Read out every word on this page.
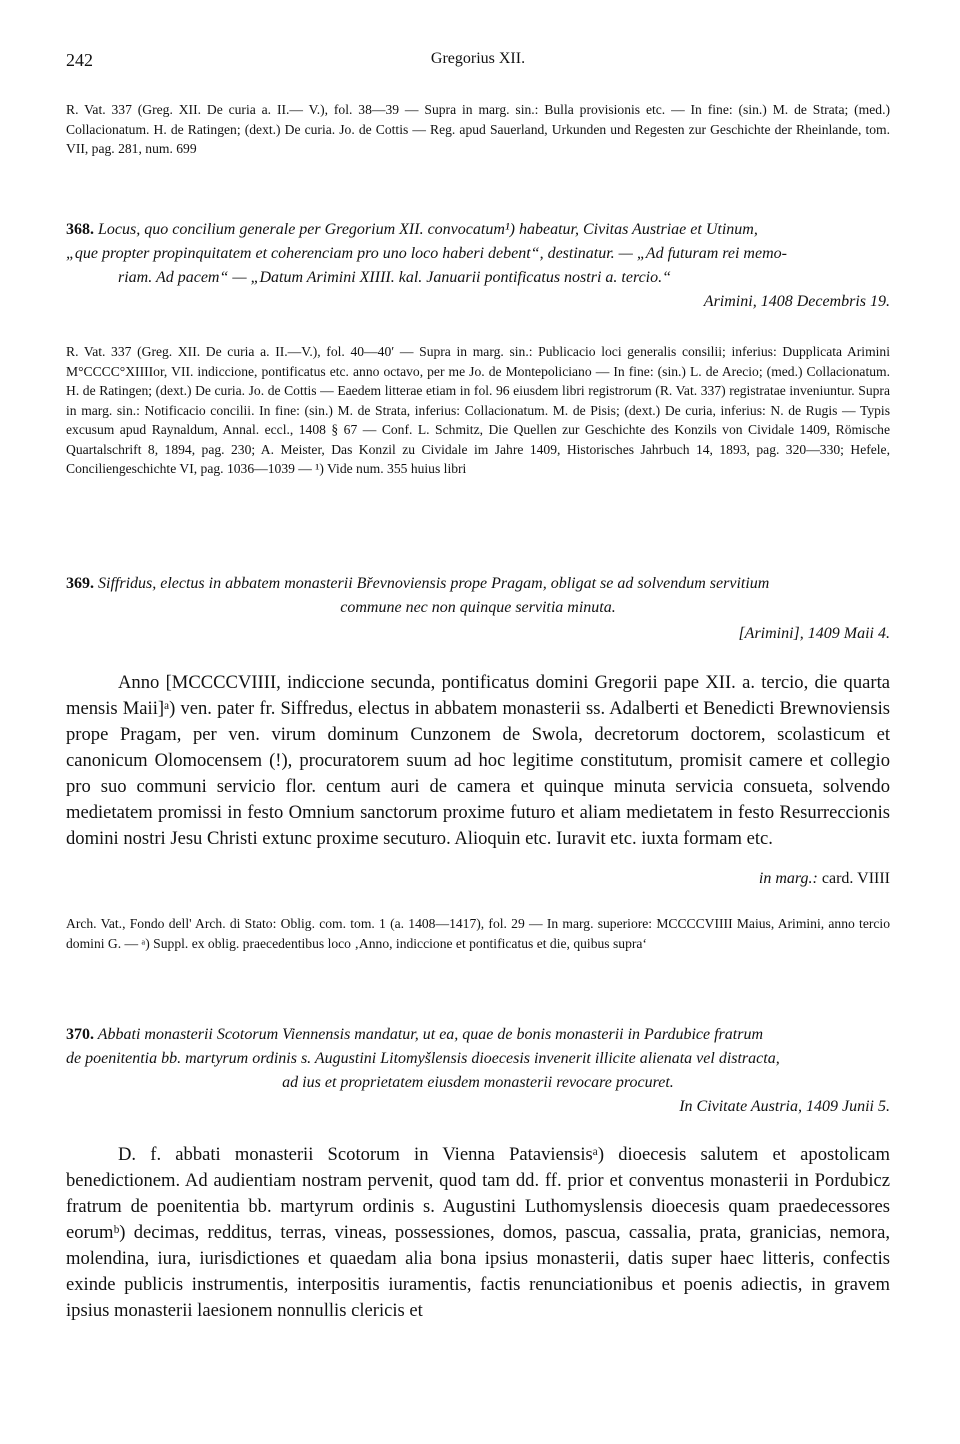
242	Gregorius XII.
R. Vat. 337 (Greg. XII. De curia a. II.— V.), fol. 38—39 — Supra in marg. sin.: Bulla provisionis etc. — In fine: (sin.) M. de Strata; (med.) Collacionatum. H. de Ratingen; (dext.) De curia. Jo. de Cottis — Reg. apud Sauerland, Urkunden und Regesten zur Geschichte der Rheinlande, tom. VII, pag. 281, num. 699
368. Locus, quo concilium generale per Gregorium XII. convocatum¹) habeatur, Civitas Austriae et Utinum,
„que propter propinquitatem et coherenciam pro uno loco haberi debent“, destinatur. — „Ad futuram rei memo-
riam. Ad pacem“ — „Datum Arimini XIIII. kal. Januarii pontificatus nostri a. tercio.“
Arimini, 1408 Decembris 19.
R. Vat. 337 (Greg. XII. De curia a. II.—V.), fol. 40—40′ — Supra in marg. sin.: Publicacio loci generalis consilii; inferius: Dupplicata Arimini M°CCCC°XIIIIor, VII. indiccione, pontificatus etc. anno octavo, per me Jo. de Montepoliciano — In fine: (sin.) L. de Arecio; (med.) Collacionatum. H. de Ratingen; (dext.) De curia. Jo. de Cottis — Eaedem litterae etiam in fol. 96 eiusdem libri registrorum (R. Vat. 337) registratae inveniuntur. Supra in marg. sin.: Notificacio concilii. In fine: (sin.) M. de Strata, inferius: Collacionatum. M. de Pisis; (dext.) De curia, inferius: N. de Rugis — Typis excusum apud Raynaldum, Annal. eccl., 1408 § 67 — Conf. L. Schmitz, Die Quellen zur Geschichte des Konzils von Cividale 1409, Römische Quartalschrift 8, 1894, pag. 230; A. Meister, Das Konzil zu Cividale im Jahre 1409, Historisches Jahrbuch 14, 1893, pag. 320—330; Hefele, Conciliengeschichte VI, pag. 1036—1039 — ¹) Vide num. 355 huius libri
369. Siffridus, electus in abbatem monasterii Břevnoviensis prope Pragam, obligat se ad solvendum servitium
commune nec non quinque servitia minuta.
[Arimini], 1409 Maii 4.

Anno [MCCCCVIIII, indiccione secunda, pontificatus domini Gregorii pape XII. a. tercio, die quarta mensis Maii]ᵃ) ven. pater fr. Siffredus, electus in abbatem monasterii ss. Adalberti et Benedicti Brewnoviensis prope Pragam, per ven. virum dominum Cunzonem de Swola, decretorum doctorem, scolasticum et canonicum Olomocensem (!), procuratorem suum ad hoc legitime constitutum, promisit camere et collegio pro suo communi servicio flor. centum auri de camera et quinque minuta servicia consueta, solvendo medietatem promissi in festo Omnium sanctorum proxime futuro et aliam medietatem in festo Resurreccionis domini nostri Jesu Christi extunc proxime secuturo. Alioquin etc. Iuravit etc. iuxta formam etc.

in marg.: card. VIIII
Arch. Vat., Fondo dell' Arch. di Stato: Oblig. com. tom. 1 (a. 1408—1417), fol. 29 — In marg. superiore: MCCCCVIIII Maius, Arimini, anno tercio domini G. — ᵃ) Suppl. ex oblig. praecedentibus loco ‚Anno, indiccione et pontificatus et die, quibus supra‘
370. Abbati monasterii Scotorum Viennensis mandatur, ut ea, quae de bonis monasterii in Pardubice fratrum
de poenitentia bb. martyrum ordinis s. Augustini Litomyšlensis dioecesis invenerit illicite alienata vel distracta,
ad ius et proprietatem eiusdem monasterii revocare procuret.
In Civitate Austria, 1409 Junii 5.

D. f. abbati monasterii Scotorum in Vienna Pataviensisᵃ) dioecesis salutem et apostolicam benedictionem. Ad audientiam nostram pervenit, quod tam dd. ff. prior et conventus monasterii in Pordubicz fratrum de poenitentia bb. martyrum ordinis s. Augustini Luthomyslensis dioecesis quam praedecessores eorumᵇ) decimas, redditus, terras, vineas, possessiones, domos, pascua, cassalia, prata, granicias, nemora, molendina, iura, iurisdictiones et quaedam alia bona ipsius monasterii, datis super haec litteris, confectis exinde publicis instrumentis, interpositis iuramentis, factis renunciationibus et poenis adiectis, in gravem ipsius monasterii laesionem nonnullis clericis et
